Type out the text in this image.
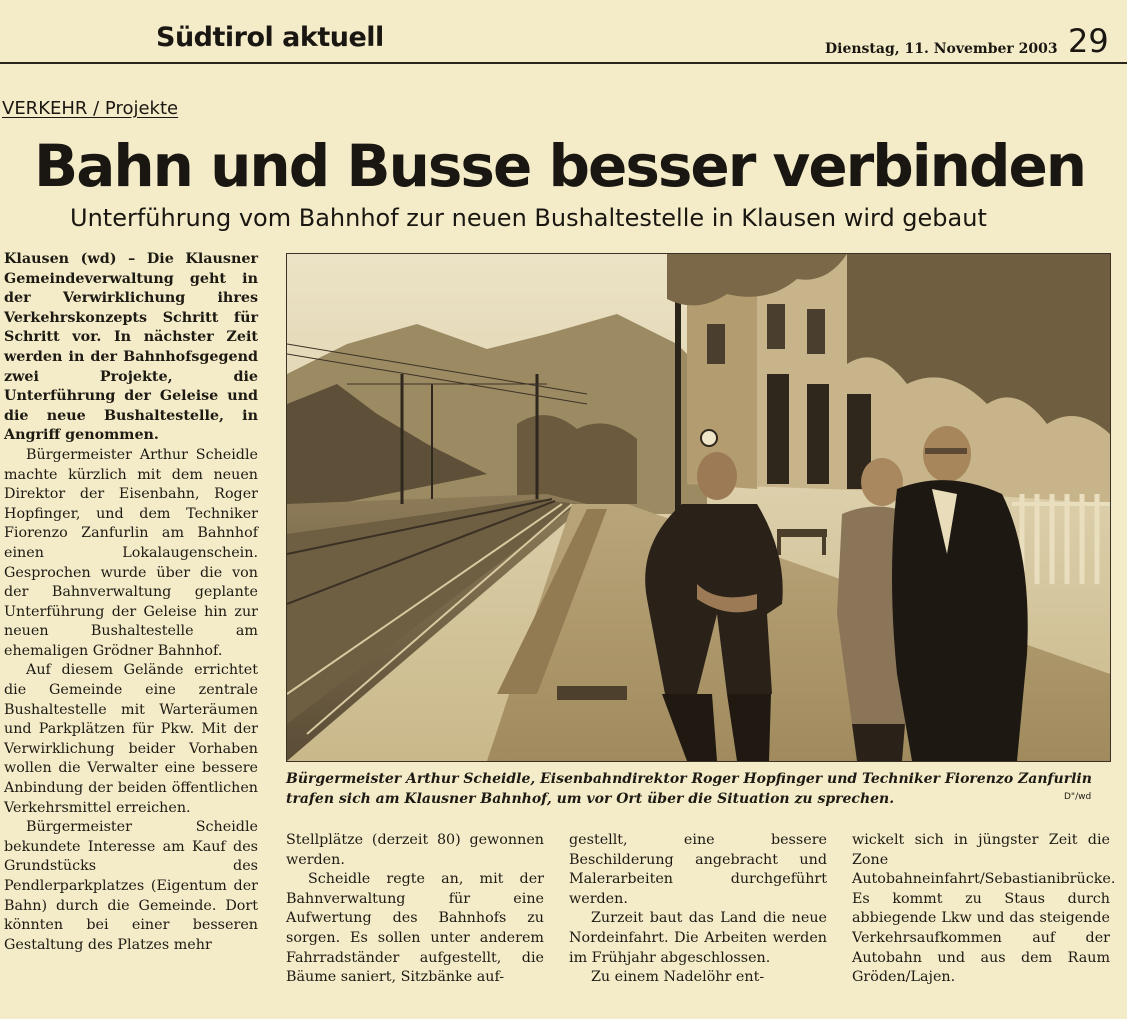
Südtirol aktuell	Dienstag, 11. November 2003 29
VERKEHR / Projekte
Bahn und Busse besser verbinden
Unterführung vom Bahnhof zur neuen Bushaltestelle in Klausen wird gebaut

Klausen (wd) – Die Klausner Gemeindeverwaltung geht in der Verwirklichung ihres Verkehrskonzepts Schritt für Schritt vor. In nächster Zeit werden in der Bahnhofsgegend zwei Projekte, die Unterführung der Geleise und die neue Bushaltestelle, in Angriff genommen.

Bürgermeister Arthur Scheidle machte kürzlich mit dem neuen Direktor der Eisenbahn, Roger Hopfinger, und dem Techniker Fiorenzo Zanfurlin am Bahnhof einen Lokalaugenschein. Gesprochen wurde über die von der Bahnverwaltung geplante Unterführung der Geleise hin zur neuen Bushaltestelle am ehemaligen Grödner Bahnhof.

Auf diesem Gelände errichtet die Gemeinde eine zentrale Bushaltestelle mit Warteräumen und Parkplätzen für Pkw. Mit der Verwirklichung beider Vorhaben wollen die Verwalter eine bessere Anbindung der beiden öffentlichen Verkehrsmittel erreichen.

Bürgermeister Scheidle bekundete Interesse am Kauf des Grundstücks des Pendlerparkplatzes (Eigentum der Bahn) durch die Gemeinde. Dort könnten bei einer besseren Gestaltung des Platzes mehr

Bürgermeister Arthur Scheidle, Eisenbahndirektor Roger Hopfinger und Techniker Fiorenzo Zanfurlin trafen sich am Klausner Bahnhof, um vor Ort über die Situation zu sprechen.	D"/wd

Stellplätze (derzeit 80) gewonnen werden.

Scheidle regte an, mit der Bahnverwaltung für eine Aufwertung des Bahnhofs zu sorgen. Es sollen unter anderem Fahrradständer aufgestellt, die Bäume saniert, Sitzbänke auf-

gestellt, eine bessere Beschilderung angebracht und Malerarbeiten durchgeführt werden.

Zurzeit baut das Land die neue Nordeinfahrt. Die Arbeiten werden im Frühjahr abgeschlossen.

Zu einem Nadelöhr ent-

wickelt sich in jüngster Zeit die Zone Autobahneinfahrt/Sebastianibrücke. Es kommt zu Staus durch abbiegende Lkw und das steigende Verkehrsaufkommen auf der Autobahn und aus dem Raum Gröden/Lajen.
